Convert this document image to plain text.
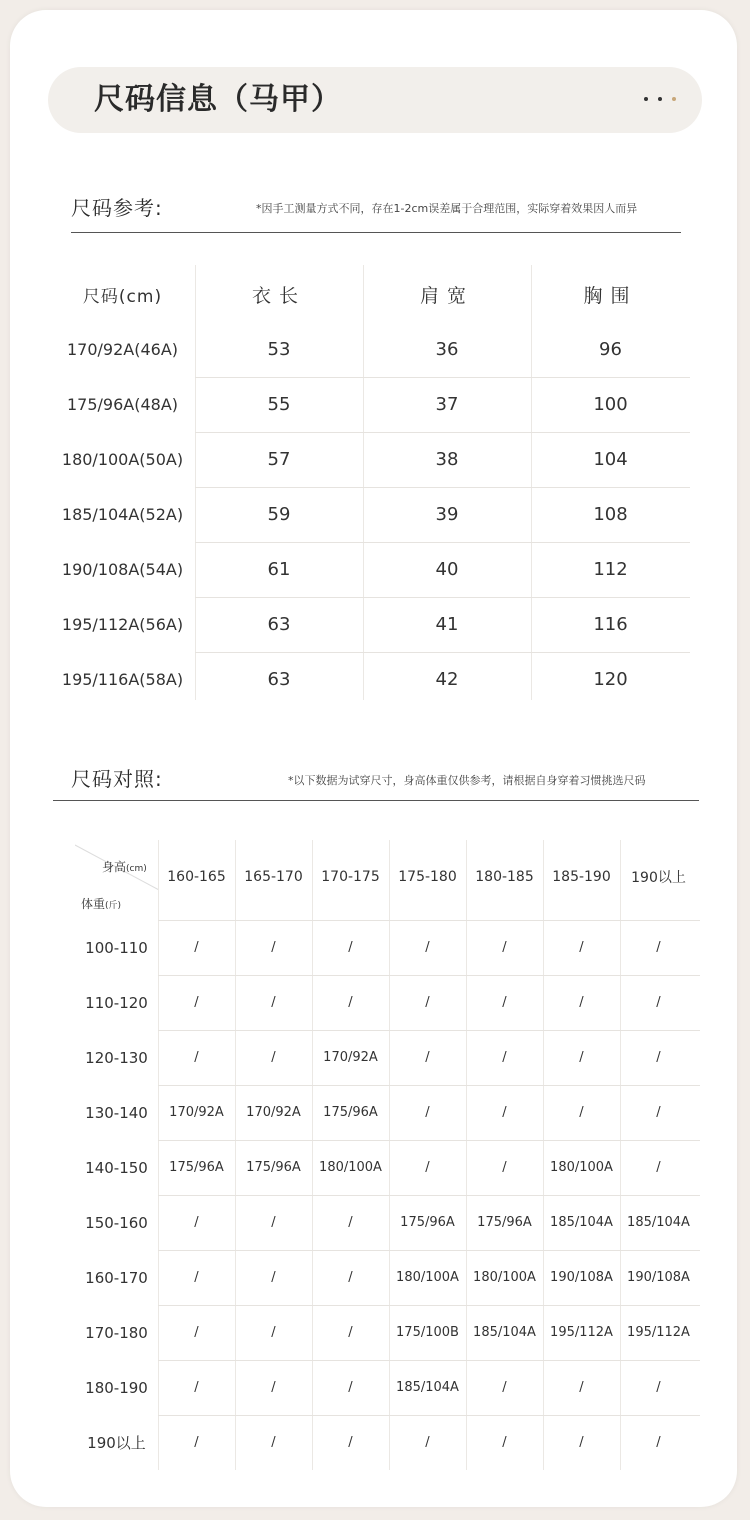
尺码信息（马甲）
尺码参考:	*因手工测量方式不同，存在1-2cm误差属于合理范围，实际穿着效果因人而异
尺码(cm)	衣长	肩宽	胸围
170/92A(46A)	53	36	96
175/96A(48A)	55	37	100
180/100A(50A)	57	38	104
185/104A(52A)	59	39	108
190/108A(54A)	61	40	112
195/112A(56A)	63	41	116
195/116A(58A)	63	42	120
尺码对照:	*以下数据为试穿尺寸，身高体重仅供参考，请根据自身穿着习惯挑选尺码
身高(cm)
体重(斤)
160-165	165-170	170-175	175-180	180-185	185-190	190以上
100-110	/	/	/	/	/	/	/
110-120	/	/	/	/	/	/	/
120-130	/	/	170/92A	/	/	/	/
130-140	170/92A	170/92A	175/96A	/	/	/	/
140-150	175/96A	175/96A	180/100A	/	/	180/100A	/
150-160	/	/	/	175/96A	175/96A	185/104A	185/104A
160-170	/	/	/	180/100A	180/100A	190/108A	190/108A
170-180	/	/	/	175/100B	185/104A	195/112A	195/112A
180-190	/	/	/	185/104A	/	/	/
190以上	/	/	/	/	/	/	/
